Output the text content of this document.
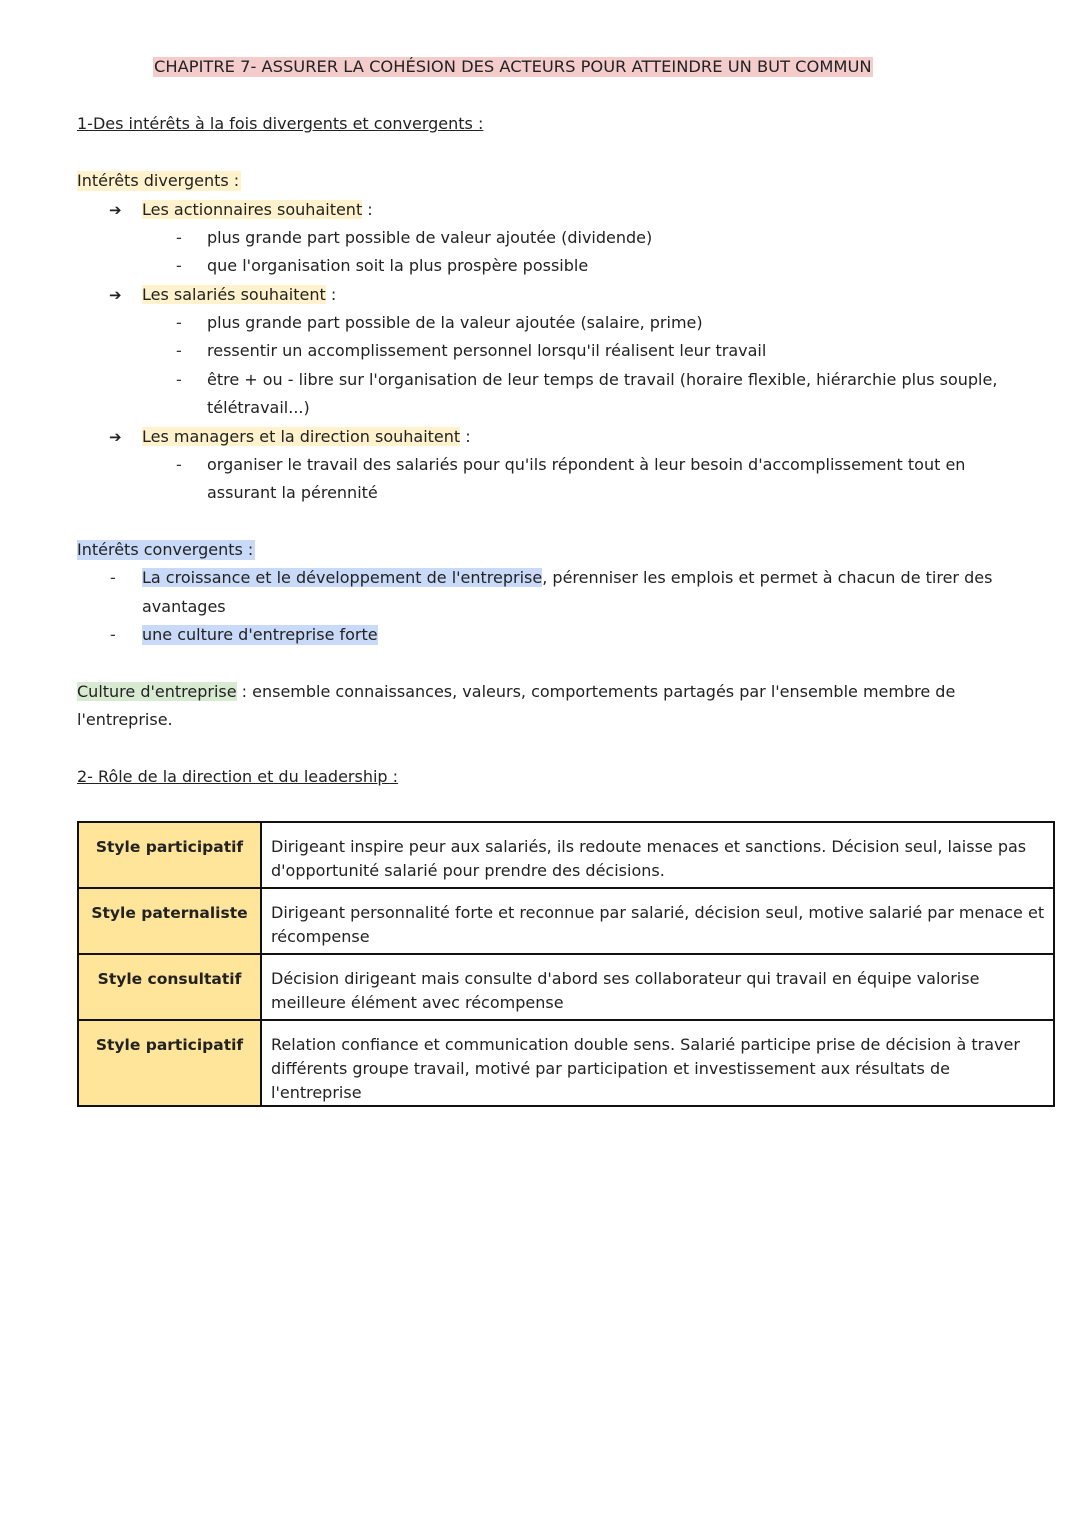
CHAPITRE 7- ASSURER LA COHÉSION DES ACTEURS POUR ATTEINDRE UN BUT COMMUN
1-Des intérêts à la fois divergents et convergents :
Intérêts divergents :
➔ Les actionnaires souhaitent :
- plus grande part possible de valeur ajoutée (dividende)
- que l'organisation soit la plus prospère possible
➔ Les salariés souhaitent :
- plus grande part possible de la valeur ajoutée (salaire, prime)
- ressentir un accomplissement personnel lorsqu'il réalisent leur travail
- être + ou - libre sur l'organisation de leur temps de travail (horaire flexible, hiérarchie plus souple,
télétravail...)
➔ Les managers et la direction souhaitent :
- organiser le travail des salariés pour qu'ils répondent à leur besoin d'accomplissement tout en
assurant la pérennité
Intérêts convergents :
- La croissance et le développement de l'entreprise, pérenniser les emplois et permet à chacun de tirer des
avantages
- une culture d'entreprise forte
Culture d'entreprise : ensemble connaissances, valeurs, comportements partagés par l'ensemble membre de
l'entreprise.
2- Rôle de la direction et du leadership :
Style participatif	Dirigeant inspire peur aux salariés, ils redoute menaces et sanctions. Décision seul, laisse pas d'opportunité salarié pour prendre des décisions.
Style paternaliste	Dirigeant personnalité forte et reconnue par salarié, décision seul, motive salarié par menace et récompense
Style consultatif	Décision dirigeant mais consulte d'abord ses collaborateur qui travail en équipe valorise meilleure élément avec récompense
Style participatif	Relation confiance et communication double sens. Salarié participe prise de décision à traver différents groupe travail, motivé par participation et investissement aux résultats de l'entreprise
